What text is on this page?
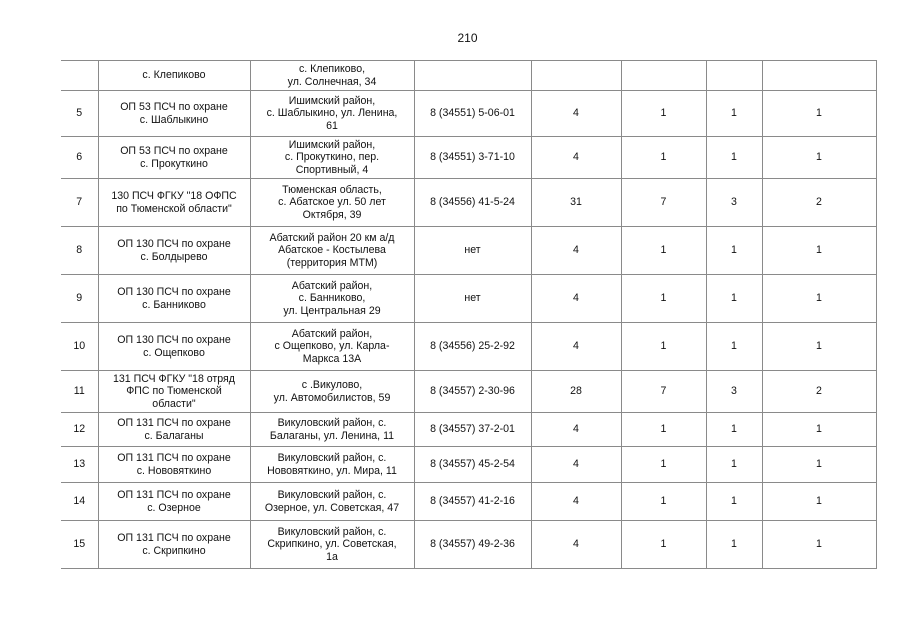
210
	с. Клепиково	с. Клепиково,
ул. Солнечная, 34					
5	ОП 53 ПСЧ по охране
с. Шаблыкино	Ишимский район,
с. Шаблыкино, ул. Ленина,
61	8 (34551) 5-06-01	4	1	1	1
6	ОП 53 ПСЧ по охране
с. Прокуткино	Ишимский район,
с. Прокуткино, пер.
Спортивный, 4	8 (34551) 3-71-10	4	1	1	1
7	130 ПСЧ ФГКУ "18 ОФПС
по Тюменской области"	Тюменская область,
с. Абатское ул. 50 лет
Октября, 39	8 (34556) 41-5-24	31	7	3	2
8	ОП 130 ПСЧ по охране
с. Болдырево	Абатский район 20 км а/д
Абатское - Костылева
(территория МТМ)	нет	4	1	1	1
9	ОП 130 ПСЧ по охране
с. Банниково	Абатский район,
с. Банниково,
ул. Центральная 29	нет	4	1	1	1
10	ОП 130 ПСЧ по охране
с. Ощепково	Абатский район,
с Ощепково, ул. Карла-
Маркса 13А	8 (34556) 25-2-92	4	1	1	1
11	131 ПСЧ ФГКУ "18 отряд
ФПС по Тюменской
области"	с .Викулово,
ул. Автомобилистов, 59	8 (34557) 2-30-96	28	7	3	2
12	ОП 131 ПСЧ по охране
с. Балаганы	Викуловский район, с.
Балаганы, ул. Ленина, 11	8 (34557) 37-2-01	4	1	1	1
13	ОП 131 ПСЧ по охране
с. Нововяткино	Викуловский район, с.
Нововяткино, ул. Мира, 11	8 (34557) 45-2-54	4	1	1	1
14	ОП 131 ПСЧ по охране
с. Озерное	Викуловский район, с.
Озерное, ул. Советская, 47	8 (34557) 41-2-16	4	1	1	1
15	ОП 131 ПСЧ по охране
с. Скрипкино	Викуловский район, с.
Скрипкино, ул. Советская,
1а	8 (34557) 49-2-36	4	1	1	1
